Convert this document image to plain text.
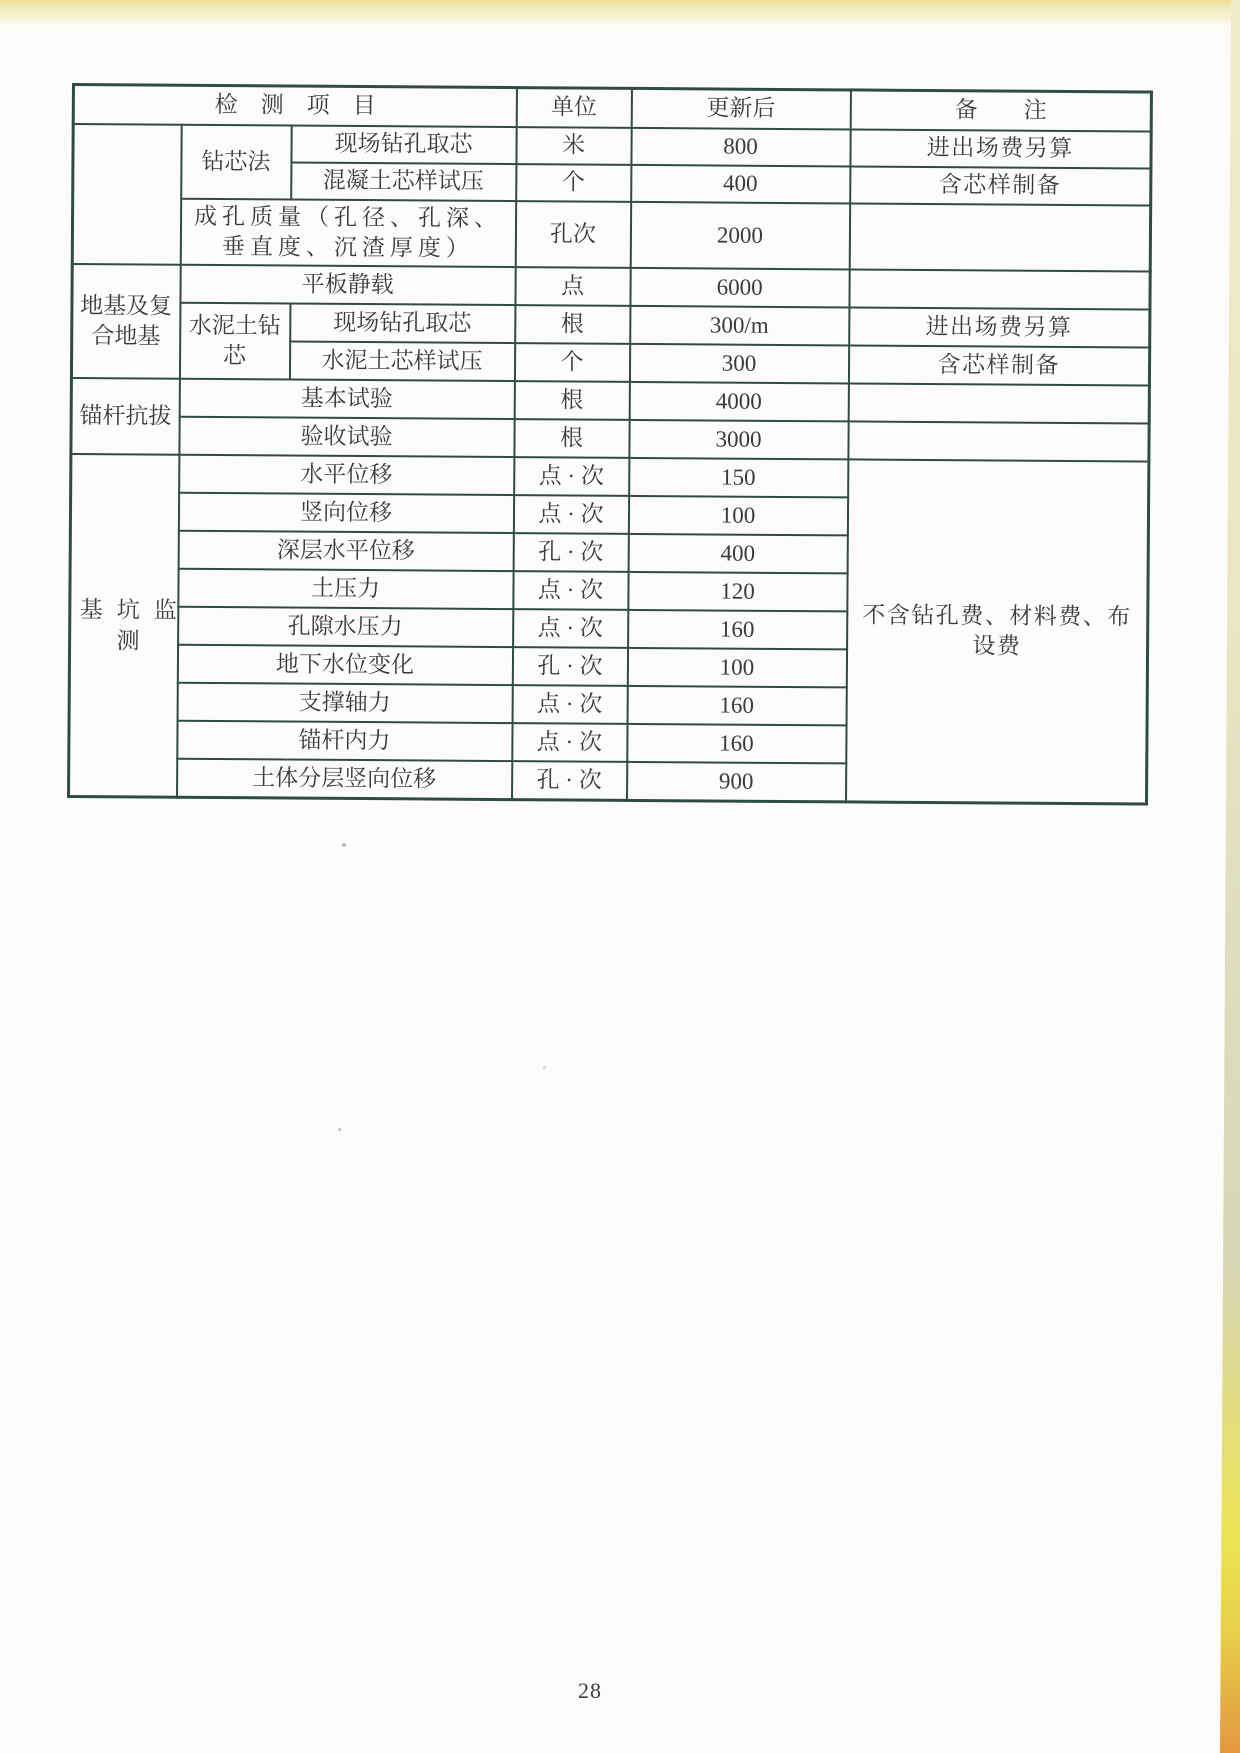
检　测　项　目			单位	更新后	备　　注
	钻芯法	现场钻孔取芯	米	800	进出场费另算
		混凝土芯样试压	个	400	含芯样制备
	成孔质量（孔径、孔深、垂直度、沉渣厚度）		孔次	2000	
地基及复合地基	平板静载		点	6000	
	水泥土钻芯	现场钻孔取芯	根	300/m	进出场费另算
		水泥土芯样试压	个	300	含芯样制备
锚杆抗拔	基本试验		根	4000	
	验收试验		根	3000	
基坑监测	水平位移		点 · 次	150	不含钻孔费、材料费、布设费
	竖向位移		点 · 次	100	
	深层水平位移		孔 · 次	400	
	土压力		点 · 次	120	
	孔隙水压力		点 · 次	160	
	地下水位变化		孔 · 次	100	
	支撑轴力		点 · 次	160	
	锚杆内力		点 · 次	160	
	土体分层竖向位移		孔 · 次	900	
28
